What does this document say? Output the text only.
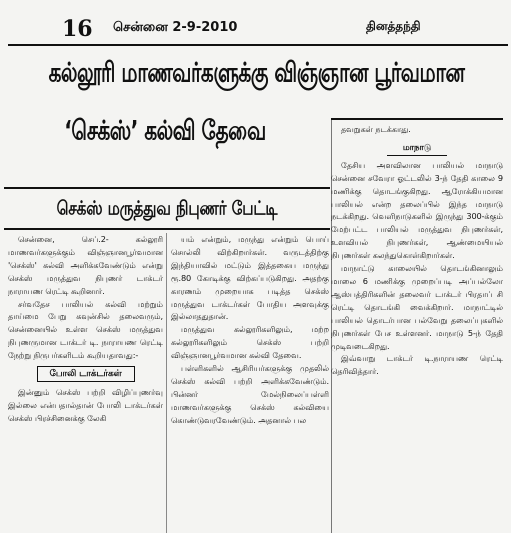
16 சென்னை 2-9-2010	தினத்தந்தி
கல்லூரி மாணவர்களுக்கு விஞ்ஞான பூர்வமான
‘செக்ஸ்’ கல்வி தேவை
செக்ஸ் மருத்துவ நிபுணர் பேட்டி

சென்னை, செப்.2- கல்லூரி மாணவர்களுக்கும் விஞ்ஞானபூர்வமான 'செக்ஸ்' கல்வி அளிக்கவேண்டும் என்று செக்ஸ் மருத்துவ நிபுணர் டாக்டர் நாராயண ரெட்டி கூறினார்.

சர்வதேச பாலியல் கல்வி மற்றும் தாய்மை பேறு கவுன்சில் தலைவரும், சென்னையில் உள்ள செக்ஸ் மருத்துவ நிபுணருமான டாக்டர் டி. நாராயண ரெட்டி நேற்று நிருபர்களிடம் கூறியதாவது:-

போலி டாக்டர்கள்

இன்னும் செக்ஸ் பற்றி விழிப்புணர்வு இல்லை என்பதால்தான் போலி டாக்டர்கள் செக்ஸ் பிரச்சினைக்கு லேகி

யம் என்றும், மருந்து என்றும் பொய் சொல்லி விற்கிறார்கள். வருடத்திற்கு இந்தியாவில் மட்டும் இத்தகைய மருந்து ரூ.80 கோடிக்கு விற்கப்படுகிறது. அதற்கு காரணம் முறையாக படித்த செக்ஸ் மருத்துவ டாக்டர்கள் போதிய அளவுக்கு இல்லாததுதான்.

மருத்துவ கல்லூரிகளிலும், மற்ற கல்லூரிகளிலும் செக்ஸ் பற்றி விஞ்ஞானபூர்வமான கல்வி தேவை.

பள்ளிகளில் ஆசிரியர்களுக்கு முதலில் செக்ஸ் கல்வி பற்றி அளிக்கவேண்டும். பின்னர் மேல்நிலைப்பள்ளி மாணவர்களுக்கு செக்ஸ் கல்வியை கொண்டுவரவேண்டும். அதனால் பல

தவறுகள் நடக்காது.

மாநாடு

தேசிய அளவிலான பாலியல் மாநாடு சென்னை சவேரா ஓட்டலில் 3-ந் தேதி காலை 9 மணிக்கு தொடங்குகிறது. ஆரோக்கியமான பாலியல் என்ற தலைப்பில் இந்த மாநாடு நடக்கிறது. வெளிநாடுகளில் இருந்து 300-க்கும் மேற்பட்ட பாலியல் மருத்துவ நிபுணர்கள், உளவியல் நிபுணர்கள், ஆண்மையியல் நிபுணர்கள் கலந்துகொள்கிறார்கள்.

மாநாட்டு காலையில் தொடங்கினாலும் மாலை 6 மணிக்கு முறைப்படி அப்பல்லோ ஆஸ்பத்திரிகளின் தலைவர் டாக்டர் பிரதாப் சி ரெட்டி தொடங்கி வைக்கிறார். மாநாட்டில் பாலியல் தொடர்பான பல்வேறு தலைப்புகளில் நிபுணர்கள் பேச உள்ளனர். மாநாடு 5-ந் தேதி முடிவடைகிறது.

இவ்வாறு டாக்டர் டி.நாராயண ரெட்டி தெரிவித்தார்.
